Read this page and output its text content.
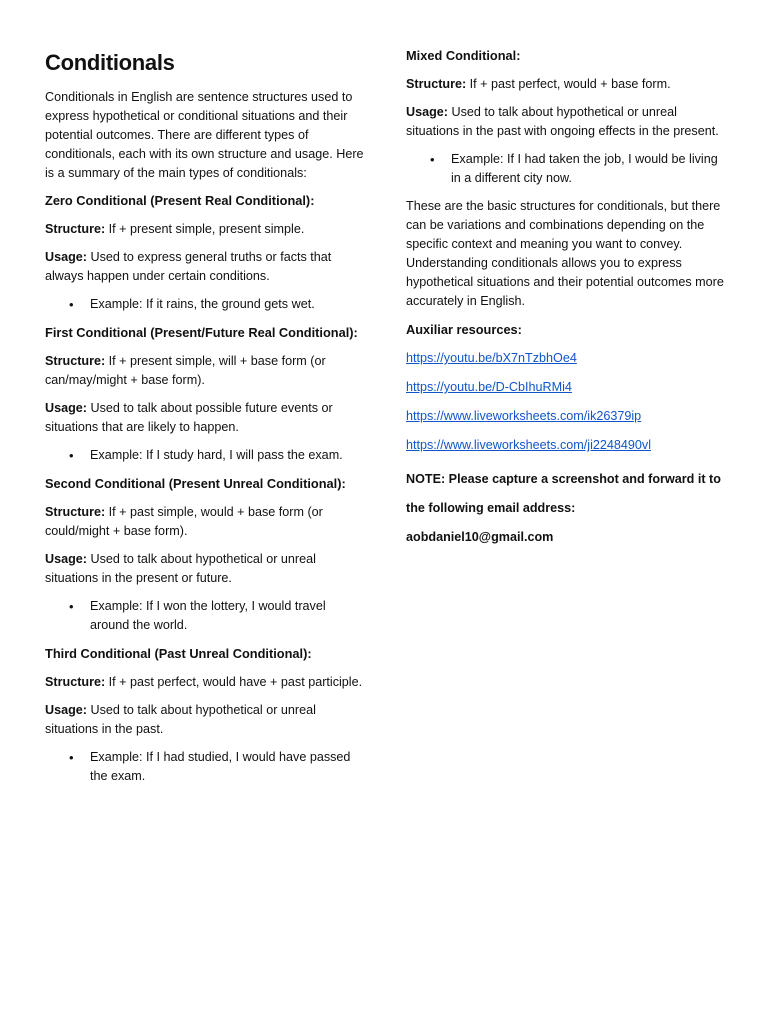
Conditionals

Conditionals in English are sentence structures used to express hypothetical or conditional situations and their potential outcomes. There are different types of conditionals, each with its own structure and usage. Here is a summary of the main types of conditionals:

Zero Conditional (Present Real Conditional):

Structure: If + present simple, present simple.

Usage: Used to express general truths or facts that always happen under certain conditions.

• Example: If it rains, the ground gets wet.
First Conditional (Present/Future Real Conditional):

Structure: If + present simple, will + base form (or can/may/might + base form).

Usage: Used to talk about possible future events or situations that are likely to happen.

• Example: If I study hard, I will pass the exam.
Second Conditional (Present Unreal Conditional):

Structure: If + past simple, would + base form (or could/might + base form).

Usage: Used to talk about hypothetical or unreal situations in the present or future.

• Example: If I won the lottery, I would travel around the world.
Third Conditional (Past Unreal Conditional):

Structure: If + past perfect, would have + past participle.

Usage: Used to talk about hypothetical or unreal situations in the past.

• Example: If I had studied, I would have passed the exam.
Mixed Conditional:

Structure: If + past perfect, would + base form.

Usage: Used to talk about hypothetical or unreal situations in the past with ongoing effects in the present.

• Example: If I had taken the job, I would be living in a different city now.

These are the basic structures for conditionals, but there can be variations and combinations depending on the specific context and meaning you want to convey. Understanding conditionals allows you to express hypothetical situations and their potential outcomes more accurately in English.

Auxiliar resources:
https://youtu.be/bX7nTzbhOe4
https://youtu.be/D-CbIhuRMi4
https://www.liveworksheets.com/ik26379ip
https://www.liveworksheets.com/ji2248490vl

NOTE: Please capture a screenshot and forward it to

the following email address: aobdaniel10@gmail.com
